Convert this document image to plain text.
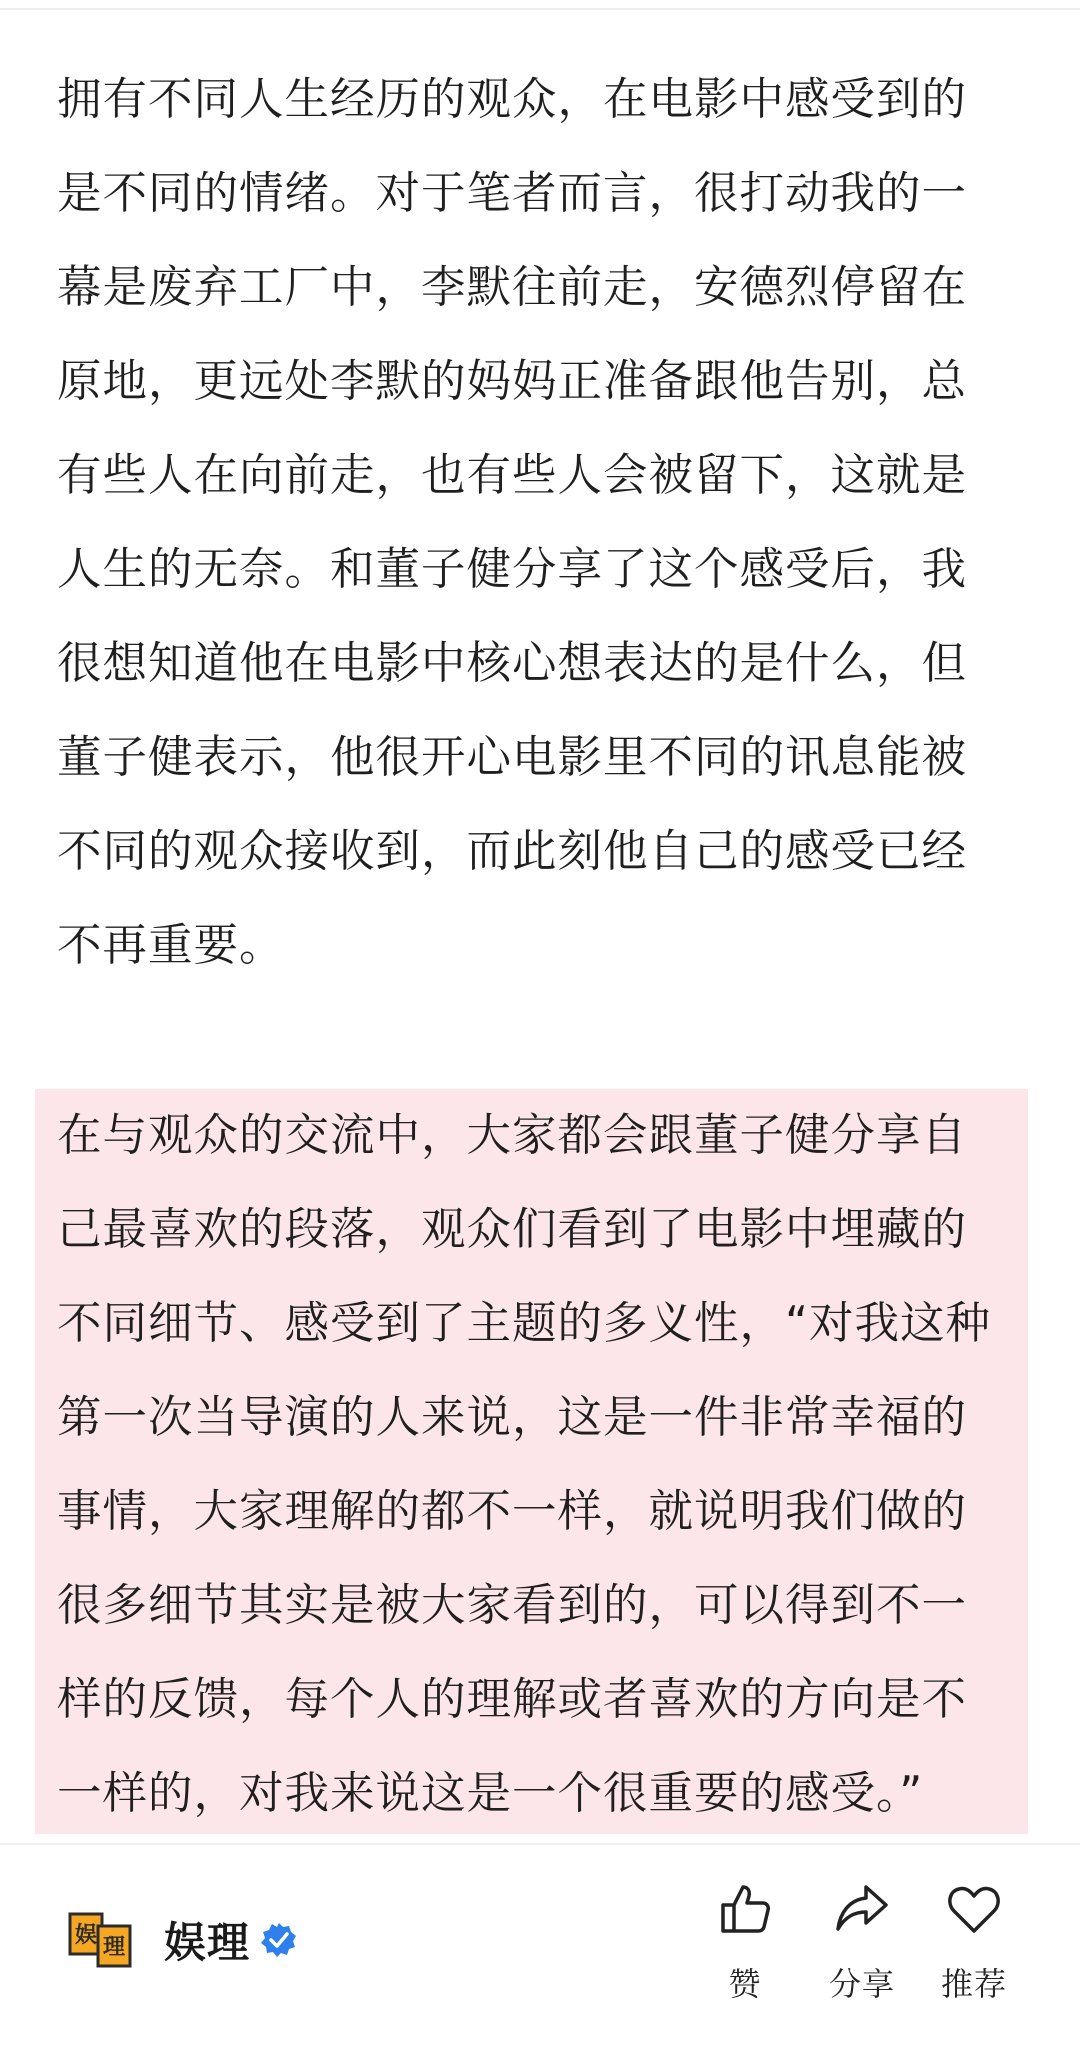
拥有不同人生经历的观众，在电影中感受到的是不同的情绪。对于笔者而言，很打动我的一幕是废弃工厂中，李默往前走，安德烈停留在原地，更远处李默的妈妈正准备跟他告别，总有些人在向前走，也有些人会被留下，这就是人生的无奈。和董子健分享了这个感受后，我很想知道他在电影中核心想表达的是什么，但董子健表示，他很开心电影里不同的讯息能被不同的观众接收到，而此刻他自己的感受已经不再重要。

在与观众的交流中，大家都会跟董子健分享自己最喜欢的段落，观众们看到了电影中埋藏的不同细节、感受到了主题的多义性，“对我这种第一次当导演的人来说，这是一件非常幸福的事情，大家理解的都不一样，就说明我们做的很多细节其实是被大家看到的，可以得到不一样的反馈，每个人的理解或者喜欢的方向是不一样的，对我来说这是一个很重要的感受。”

娱 理 娱理
赞	分享	推荐
